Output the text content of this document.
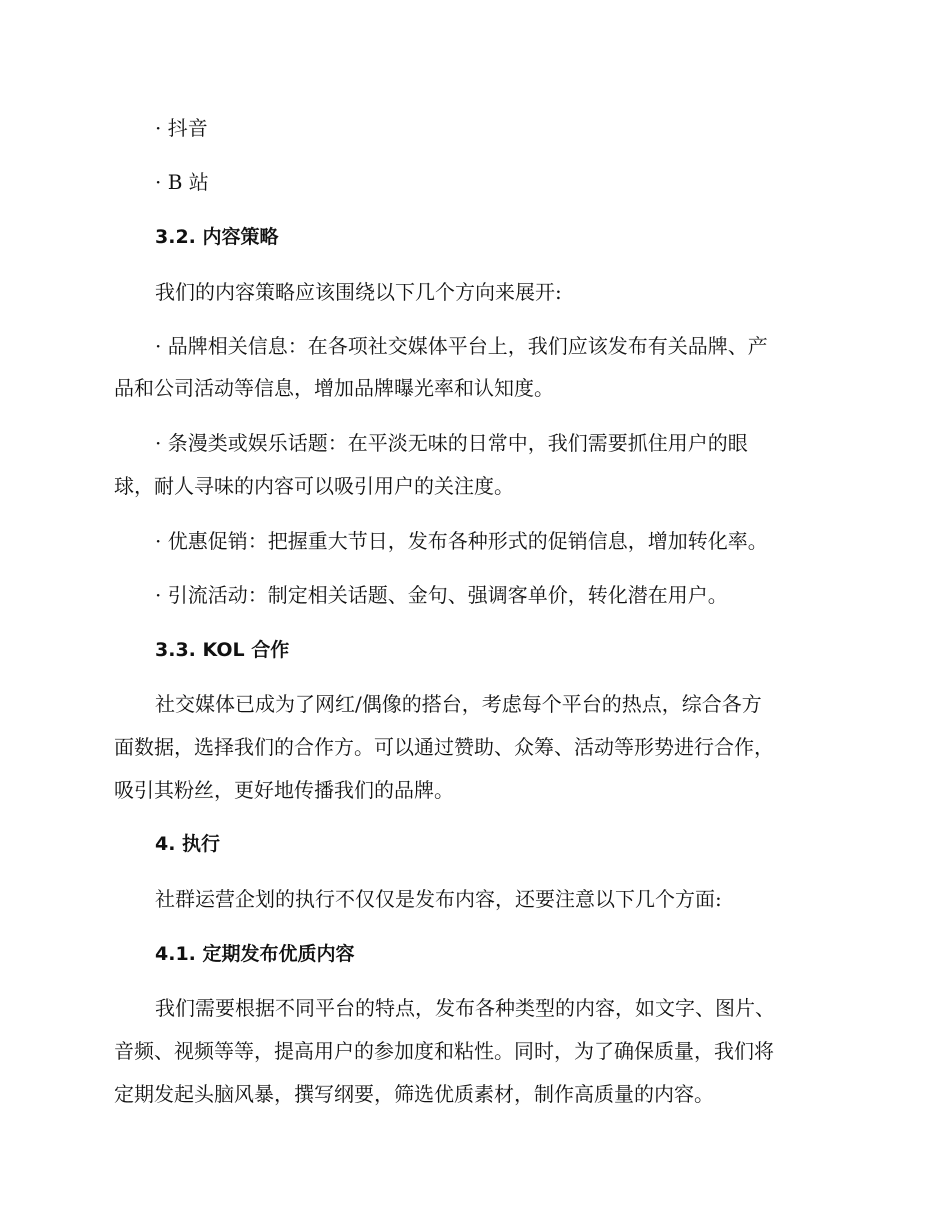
· 抖音
· B 站
3.2. 内容策略
我们的内容策略应该围绕以下几个方向来展开:
· 品牌相关信息：在各项社交媒体平台上，我们应该发布有关品牌、产
品和公司活动等信息，增加品牌曝光率和认知度。
· 条漫类或娱乐话题：在平淡无味的日常中，我们需要抓住用户的眼
球，耐人寻味的内容可以吸引用户的关注度。
· 优惠促销：把握重大节日，发布各种形式的促销信息，增加转化率。
· 引流活动：制定相关话题、金句、强调客单价，转化潜在用户。
3.3. KOL 合作
社交媒体已成为了网红/偶像的搭台，考虑每个平台的热点，综合各方
面数据，选择我们的合作方。可以通过赞助、众筹、活动等形势进行合作，
吸引其粉丝，更好地传播我们的品牌。
4. 执行
社群运营企划的执行不仅仅是发布内容，还要注意以下几个方面:
4.1. 定期发布优质内容
我们需要根据不同平台的特点，发布各种类型的内容，如文字、图片、
音频、视频等等，提高用户的参加度和粘性。同时，为了确保质量，我们将
定期发起头脑风暴，撰写纲要，筛选优质素材，制作高质量的内容。
